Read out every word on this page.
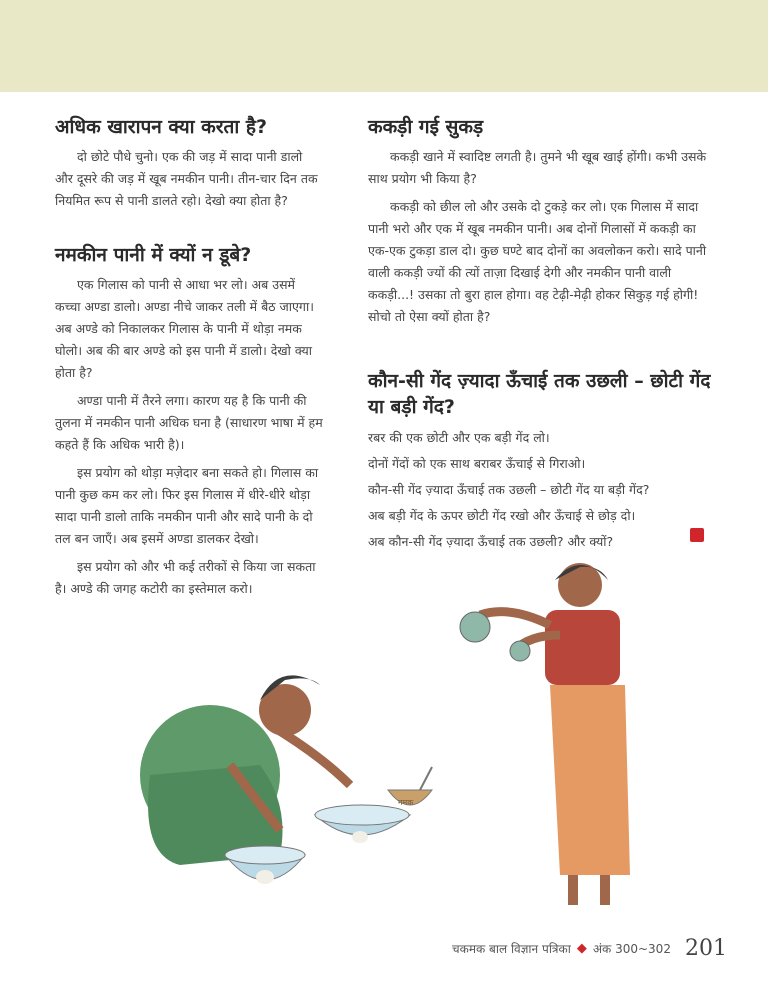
अधिक खारापन क्या करता है?

दो छोटे पौधे चुनो। एक की जड़ में सादा पानी डालो और दूसरे की जड़ में खूब नमकीन पानी। तीन-चार दिन तक नियमित रूप से पानी डालते रहो। देखो क्या होता है?

नमकीन पानी में क्यों न डूबे?

एक गिलास को पानी से आधा भर लो। अब उसमें कच्चा अण्डा डालो। अण्डा नीचे जाकर तली में बैठ जाएगा। अब अण्डे को निकालकर गिलास के पानी में थोड़ा नमक घोलो। अब की बार अण्डे को इस पानी में डालो। देखो क्या होता है?

अण्डा पानी में तैरने लगा। कारण यह है कि पानी की तुलना में नमकीन पानी अधिक घना है (साधारण भाषा में हम कहते हैं कि अधिक भारी है)।

इस प्रयोग को थोड़ा मज़ेदार बना सकते हो। गिलास का पानी कुछ कम कर लो। फिर इस गिलास में धीरे-धीरे थोड़ा सादा पानी डालो ताकि नमकीन पानी और सादे पानी के दो तल बन जाएँ। अब इसमें अण्डा डालकर देखो।

इस प्रयोग को और भी कई तरीकों से किया जा सकता है। अण्डे की जगह कटोरी का इस्तेमाल करो।

ककड़ी गई सुकड़

ककड़ी खाने में स्वादिष्ट लगती है। तुमने भी खूब खाई होंगी। कभी उसके साथ प्रयोग भी किया है?

ककड़ी को छील लो और उसके दो टुकड़े कर लो। एक गिलास में सादा पानी भरो और एक में खूब नमकीन पानी। अब दोनों गिलासों में ककड़ी का एक-एक टुकड़ा डाल दो। कुछ घण्टे बाद दोनों का अवलोकन करो। सादे पानी वाली ककड़ी ज्यों की त्यों ताज़ा दिखाई देगी और नमकीन पानी वाली ककड़ी...! उसका तो बुरा हाल होगा। वह टेढ़ी-मेढ़ी होकर सिकुड़ गई होगी! सोचो तो ऐसा क्यों होता है?

कौन-सी गेंद ज़्यादा ऊँचाई तक उछली – छोटी गेंद या बड़ी गेंद?

रबर की एक छोटी और एक बड़ी गेंद लो।

दोनों गेंदों को एक साथ बराबर ऊँचाई से गिराओ।

कौन-सी गेंद ज़्यादा ऊँचाई तक उछली – छोटी गेंद या बड़ी गेंद?

अब बड़ी गेंद के ऊपर छोटी गेंद रखो और ऊँचाई से छोड़ दो।

अब कौन-सी गेंद ज़्यादा ऊँचाई तक उछली? और क्यों?

नमक
चकमक बाल विज्ञान पत्रिका ◆ अंक 300~302 201
